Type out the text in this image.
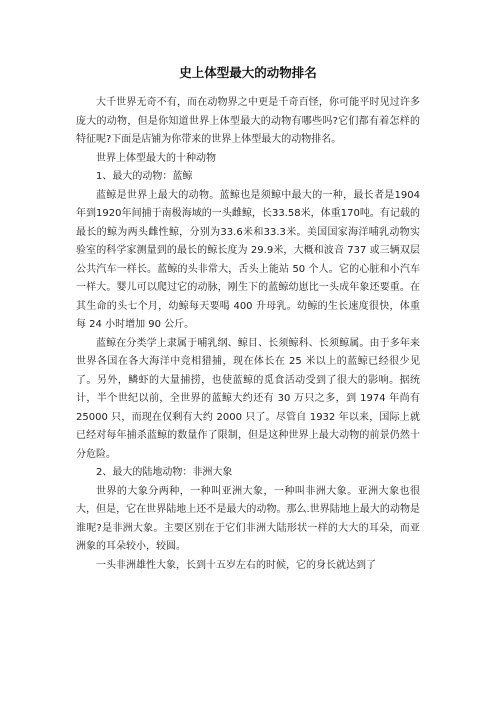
史上体型最大的动物排名

大千世界无奇不有，而在动物界之中更是千奇百怪，你可能平时见过许多庞大的动物，但是你知道世界上体型最大的动物有哪些吗?它们都有着怎样的特征呢?下面是店铺为你带来的世界上体型最大的动物排名。

世界上体型最大的十种动物

1、最大的动物：蓝鲸

蓝鲸是世界上最大的动物。蓝鲸也是须鲸中最大的一种，最长者是1904年到1920年间捕于南极海域的一头雌鲸，长33.58米，体重170吨。有记载的最长的鲸为两头雌性鲸，分别为33.6米和33.3米。美国国家海洋哺乳动物实验室的科学家测量到的最长的鲸长度为 29.9米，大概和波音 737 或三辆双层公共汽车一样长。蓝鲸的头非常大，舌头上能站 50 个人。它的心脏和小汽车一样大。婴儿可以爬过它的动脉，刚生下的蓝鲸幼崽比一头成年象还要重。在其生命的头七个月，幼鲸每天要喝 400 升母乳。幼鲸的生长速度很快，体重每 24 小时增加 90 公斤。

蓝鲸在分类学上隶属于哺乳纲、鲸目、长须鲸科、长须鲸属。由于多年来世界各国在各大海洋中竞相猎捕，现在体长在 25 米以上的蓝鲸已经很少见了。另外，鳞虾的大量捕捞，也使蓝鲸的觅食活动受到了很大的影响。据统计，半个世纪以前，全世界的蓝鲸大约还有 30 万只之多，到 1974 年尚有 25000 只，而现在仅剩有大约 2000 只了。尽管自 1932 年以来，国际上就已经对每年捕杀蓝鲸的数量作了限制，但是这种世界上最大动物的前景仍然十分危险。

2、最大的陆地动物：非洲大象

世界的大象分两种，一种叫亚洲大象，一种叫非洲大象。亚洲大象也很大，但是，它在世界陆地上还不是最大的动物。那么.世界陆地上最大的动物是谁呢?是非洲大象。主要区别在于它们非洲大陆形状一样的大大的耳朵，而亚洲象的耳朵较小，较圆。

一头非洲雄性大象，长到十五岁左右的时候，它的身长就达到了
